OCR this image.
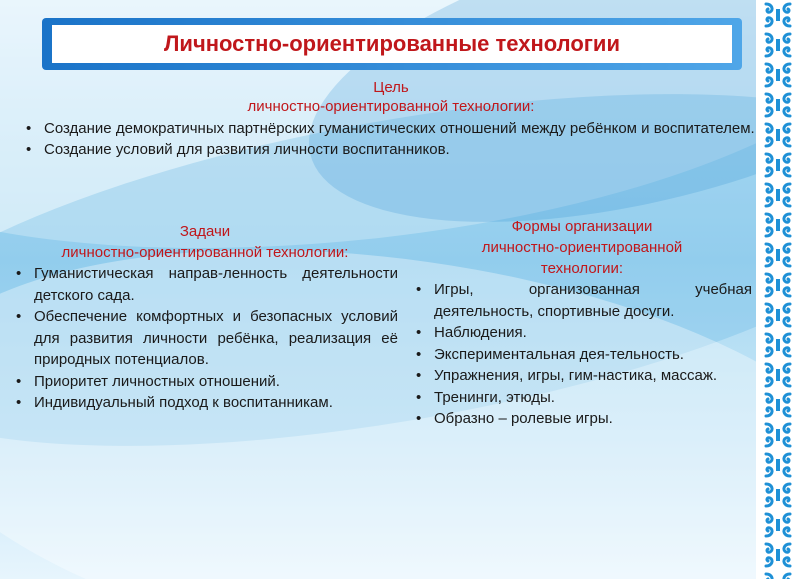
Личностно-ориентированные технологии
Цель
личностно-ориентированной технологии:
• Создание демократичных партнёрских гуманистических отношений между ребёнком и воспитателем.
• Создание условий для развития личности воспитанников.
Задачи
личностно-ориентированной технологии:
• Гуманистическая направ-ленность деятельности детского сада.
• Обеспечение комфортных и безопасных условий для развития личности ребёнка, реализация её природных потенциалов.
• Приоритет личностных отношений.
• Индивидуальный подход к воспитанникам.
Формы организации
личностно-ориентированной
технологии:
• Игры, организованная учебная деятельность, спортивные досуги.
• Наблюдения.
• Экспериментальная дея-тельность.
• Упражнения, игры, гим-настика, массаж.
• Тренинги, этюды.
• Образно – ролевые игры.
